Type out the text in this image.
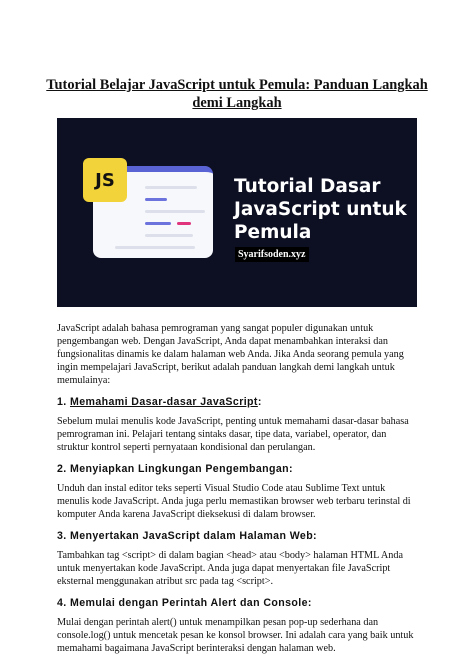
Tutorial Belajar JavaScript untuk Pemula: Panduan Langkah demi Langkah
JS	Tutorial Dasar JavaScript untuk Pemula
Syarifsoden.xyz

JavaScript adalah bahasa pemrograman yang sangat populer digunakan untuk pengembangan web. Dengan JavaScript, Anda dapat menambahkan interaksi dan fungsionalitas dinamis ke dalam halaman web Anda. Jika Anda seorang pemula yang ingin mempelajari JavaScript, berikut adalah panduan langkah demi langkah untuk memulainya:

1. Memahami Dasar-dasar JavaScript:

Sebelum mulai menulis kode JavaScript, penting untuk memahami dasar-dasar bahasa pemrograman ini. Pelajari tentang sintaks dasar, tipe data, variabel, operator, dan struktur kontrol seperti pernyataan kondisional dan perulangan.

2. Menyiapkan Lingkungan Pengembangan:

Unduh dan instal editor teks seperti Visual Studio Code atau Sublime Text untuk menulis kode JavaScript. Anda juga perlu memastikan browser web terbaru terinstal di komputer Anda karena JavaScript dieksekusi di dalam browser.

3. Menyertakan JavaScript dalam Halaman Web:

Tambahkan tag <script> di dalam bagian <head> atau <body> halaman HTML Anda untuk menyertakan kode JavaScript. Anda juga dapat menyertakan file JavaScript eksternal menggunakan atribut src pada tag <script>.

4. Memulai dengan Perintah Alert dan Console:

Mulai dengan perintah alert() untuk menampilkan pesan pop-up sederhana dan console.log() untuk mencetak pesan ke konsol browser. Ini adalah cara yang baik untuk memahami bagaimana JavaScript berinteraksi dengan halaman web.
